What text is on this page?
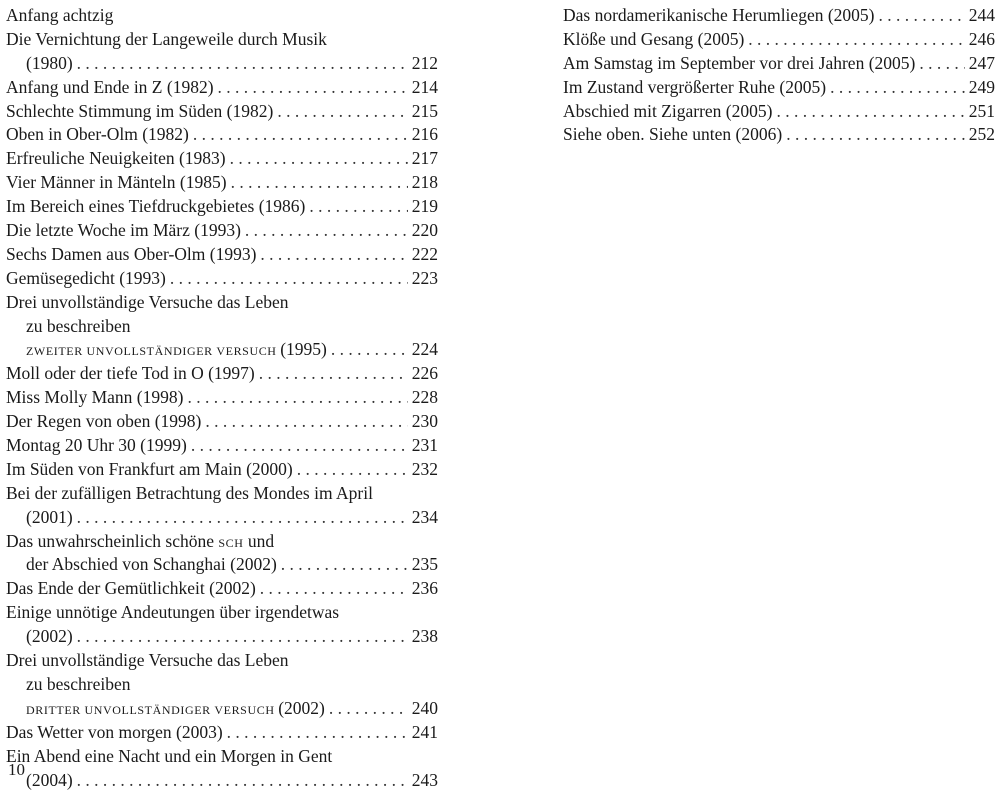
Anfang achtzig
Die Vernichtung der Langeweile durch Musik
(1980) . . .	212
Anfang und Ende in Z (1982) . . .	214
Schlechte Stimmung im Süden (1982) . . .	215
Oben in Ober-Olm (1982) . . .	216
Erfreuliche Neuigkeiten (1983) . . .	217
Vier Männer in Mänteln (1985) . . .	218
Im Bereich eines Tiefdruckgebietes (1986) . . .	219
Die letzte Woche im März (1993) . . .	220
Sechs Damen aus Ober-Olm (1993) . . .	222
Gemüsegedicht (1993) . . .	223
Drei unvollständige Versuche das Leben
zu beschreiben
zweiter unvollständiger versuch (1995) . . .	224
Moll oder der tiefe Tod in O (1997) . . .	226
Miss Molly Mann (1998) . . .	228
Der Regen von oben (1998) . . .	230
Montag 20 Uhr 30 (1999) . . .	231
Im Süden von Frankfurt am Main (2000) . . .	232
Bei der zufälligen Betrachtung des Mondes im April
(2001) . . .	234
Das unwahrscheinlich schöne sch und
der Abschied von Schanghai (2002) . . .	235
Das Ende der Gemütlichkeit (2002) . . .	236
Einige unnötige Andeutungen über irgendetwas
(2002) . . .	238
Drei unvollständige Versuche das Leben
zu beschreiben
dritter unvollständiger versuch (2002) . . .	240
Das Wetter von morgen (2003) . . .	241
Ein Abend eine Nacht und ein Morgen in Gent
(2004) . . .	243
Das nordamerikanische Herumliegen (2005) . . .	244
Klöße und Gesang (2005) . . .	246
Am Samstag im September vor drei Jahren (2005) . . .	247
Im Zustand vergrößerter Ruhe (2005) . . .	249
Abschied mit Zigarren (2005) . . .	251
Siehe oben. Siehe unten (2006) . . .	252
10
